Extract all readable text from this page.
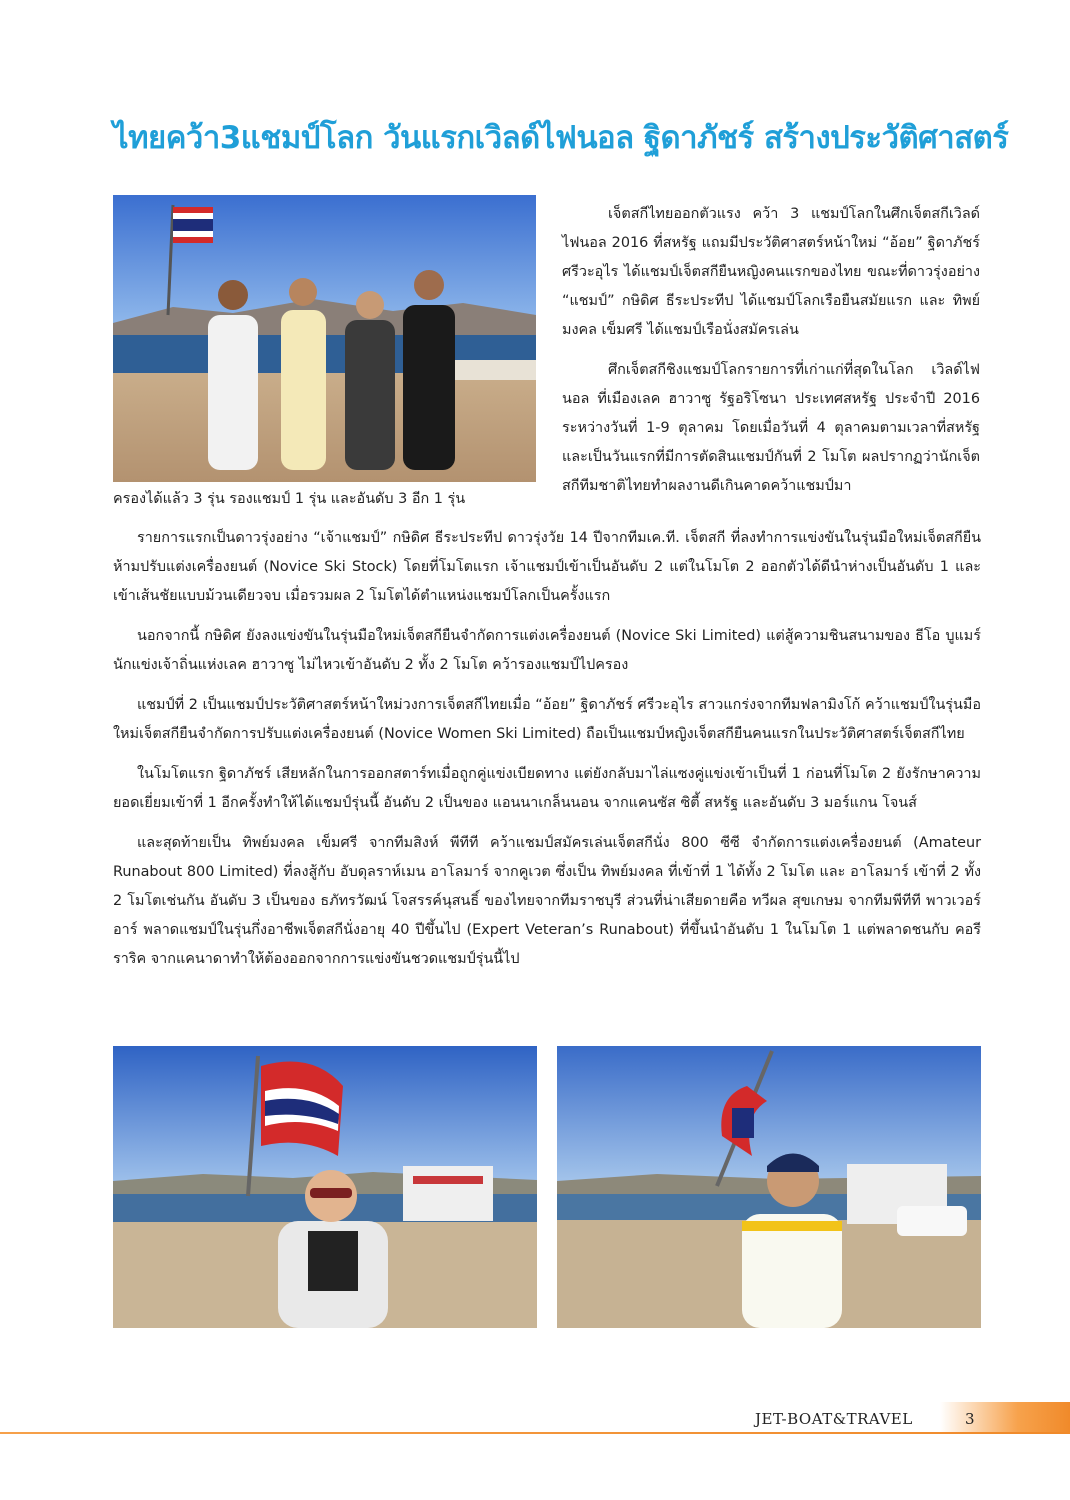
ไทยคว้า3แชมป์โลก วันแรกเวิลด์ไฟนอล ฐิดาภัชร์ สร้างประวัติศาสตร์

เจ็ตสกีไทยออกตัวแรง คว้า 3 แชมป์โลกในศึกเจ็ตสกีเวิลด์ ไฟนอล 2016 ที่สหรัฐ แถมมีประวัติศาสตร์หน้าใหม่ “อ้อย” ฐิดาภัชร์ ศรีวะอุไร ได้แชมป์เจ็ตสกียืนหญิงคนแรกของไทย ขณะที่ดาวรุ่งอย่าง “แชมป์” กษิดิศ ธีระประทีป ได้แชมป์โลกเรือยืนสมัยแรก และ ทิพย์มงคล เข็มศรี ได้แชมป์เรือนั่งสมัครเล่น

ศึกเจ็ตสกีชิงแชมป์โลกรายการที่เก่าแก่ที่สุดในโลก เวิลด์ไฟนอล ที่เมืองเลค ฮาวาซู รัฐอริโซนา ประเทศสหรัฐ ประจำปี 2016 ระหว่างวันที่ 1-9 ตุลาคม โดยเมื่อวันที่ 4 ตุลาคมตามเวลาที่สหรัฐ และเป็นวันแรกที่มีการตัดสินแชมป์กันที่ 2 โมโต ผลปรากฏว่านักเจ็ตสกีทีมชาติไทยทำผลงานดีเกินคาดคว้าแชมป์มา

ครองได้แล้ว 3 รุ่น รองแชมป์ 1 รุ่น และอันดับ 3 อีก 1 รุ่น

รายการแรกเป็นดาวรุ่งอย่าง “เจ้าแชมป์” กษิดิศ ธีระประทีป ดาวรุ่งวัย 14 ปีจากทีมเค.ที. เจ็ตสกี ที่ลงทำการแข่งขันในรุ่นมือใหม่เจ็ตสกียืนห้ามปรับแต่งเครื่องยนต์ (Novice Ski Stock) โดยที่โมโตแรก เจ้าแชมป์เข้าเป็นอันดับ 2 แต่ในโมโต 2 ออกตัวได้ดีนำห่างเป็นอันดับ 1 และเข้าเส้นชัยแบบม้วนเดียวจบ เมื่อรวมผล 2 โมโตได้ตำแหน่งแชมป์โลกเป็นครั้งแรก

นอกจากนี้ กษิดิศ ยังลงแข่งขันในรุ่นมือใหม่เจ็ตสกียืนจำกัดการแต่งเครื่องยนต์ (Novice Ski Limited) แต่สู้ความชินสนามของ ธีโอ บูแมร์ นักแข่งเจ้าถิ่นแห่งเลค ฮาวาซู ไม่ไหวเข้าอันดับ 2 ทั้ง 2 โมโต คว้ารองแชมป์ไปครอง

แชมป์ที่ 2 เป็นแชมป์ประวัติศาสตร์หน้าใหม่วงการเจ็ตสกีไทยเมื่อ “อ้อย” ฐิดาภัชร์ ศรีวะอุไร สาวแกร่งจากทีมฟลามิงโก้ คว้าแชมป์ในรุ่นมือใหม่เจ็ตสกียืนจำกัดการปรับแต่งเครื่องยนต์ (Novice Women Ski Limited) ถือเป็นแชมป์หญิงเจ็ตสกียืนคนแรกในประวัติศาสตร์เจ็ตสกีไทย

ในโมโตแรก ฐิดาภัชร์ เสียหลักในการออกสตาร์ทเมื่อถูกคู่แข่งเบียดทาง แต่ยังกลับมาไล่แซงคู่แข่งเข้าเป็นที่ 1 ก่อนที่โมโต 2 ยังรักษาความยอดเยี่ยมเข้าที่ 1 อีกครั้งทำให้ได้แชมป์รุ่นนี้ อันดับ 2 เป็นของ แอนนาเกล็นนอน จากแคนซัส ซิตี้ สหรัฐ และอันดับ 3 มอร์แกน โจนส์

และสุดท้ายเป็น ทิพย์มงคล เข็มศรี จากทีมสิงห์ พีทีที คว้าแชมป์สมัครเล่นเจ็ตสกีนั่ง 800 ซีซี จำกัดการแต่งเครื่องยนต์ (Amateur Runabout 800 Limited) ที่ลงสู้กับ อับดุลราห์เมน อาโลมาร์ จากคูเวต ซึ่งเป็น ทิพย์มงคล ที่เข้าที่ 1 ได้ทั้ง 2 โมโต และ อาโลมาร์ เข้าที่ 2 ทั้ง 2 โมโตเช่นกัน อันดับ 3 เป็นของ ธภัทรวัฒน์ โจสรรค์นุสนธิ์ ของไทยจากทีมราชบุรี ส่วนที่น่าเสียดายคือ ทวีผล สุขเกษม จากทีมพีทีที พาวเวอร์อาร์ พลาดแชมป์ในรุ่นกึ่งอาชีพเจ็ตสกีนั่งอายุ 40 ปีขึ้นไป (Expert Veteran’s Runabout) ที่ขึ้นนำอันดับ 1 ในโมโต 1 แต่พลาดชนกับ คอรี ราริค จากแคนาดาทำให้ต้องออกจากการแข่งขันชวดแชมป์รุ่นนี้ไป

JET-BOAT&TRAVEL	3
